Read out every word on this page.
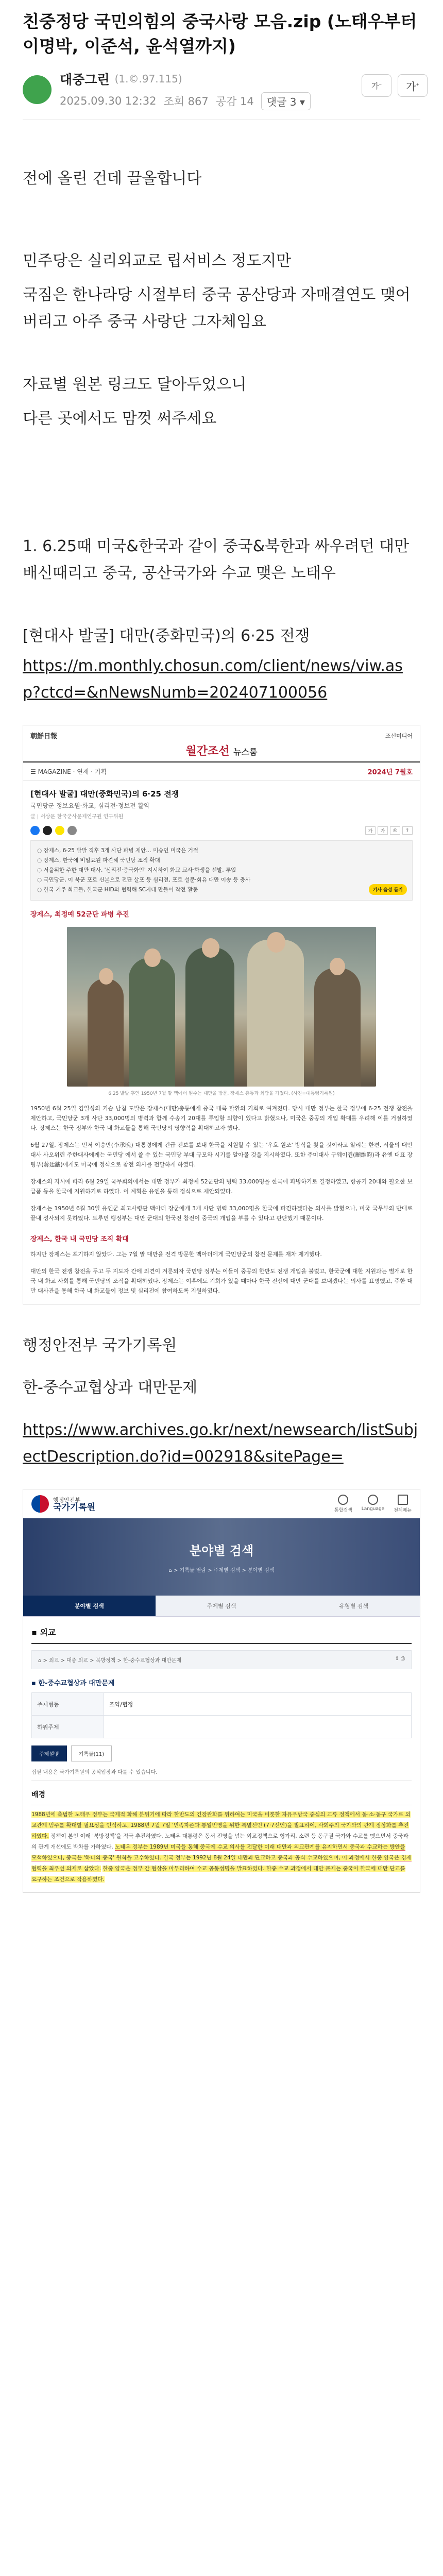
친중정당 국민의힘의 중국사랑 모음.zip (노태우부터 이명박, 이준석, 윤석열까지)
대중그린 (1.©.97.115)
2025.09.30 12:32 조회 867 공감 14	댓글 3 ▾
가 ⁻ 가 ⁺

전에 올린 건데 끌올합니다

민주당은 실리외교로 립서비스 정도지만

국짐은 한나라당 시절부터 중국 공산당과 자매결연도 맺어버리고 아주 중국 사랑단 그자체임요

자료별 원본 링크도 달아두었으니

다른 곳에서도 맘껏 써주세요

1. 6.25때 미국&한국과 같이 중국&북한과 싸우려던 대만 배신때리고 중국, 공산국가와 수교 맺은 노태우

[현대사 발굴] 대만(중화민국)의 6·25 전쟁

https://m.monthly.chosun.com/client/news/viw.asp?ctcd=&nNewsNumb=202407100056

朝鮮日報	조선미디어
월간조선 뉴스룸
☰ MAGAZINE · 연재 · 기획	2024년 7월호
[현대사 발굴] 대만(중화민국)의 6·25 전쟁
국민당군 정보요원·화교, 심리전·정보전 활약
글 | 서상문 한국군사문제연구원 연구위원
가	가	⎙	⇪
○ 장제스, 6·25 발발 직후 3개 사단 파병 제안… 미승인 미국은 거절
○ 장제스, 한국에 비밀요원 파견해 국민당 조직 확대
○ 서울위한 주한 대만 대사, '심리전·중국화인' 지시하여 화교 교사·학생을 선발, 투입
○ 국민당군, 이 북군 포로 신분으로 전단 살포 등 심리전, 포로 설문·회유 대만 이송 등 충사
○ 한국 거주 화교들, 한국군 HID와 협력해 SC지대 만들어 작전 활동	기사 음성 듣기
장제스, 최정예 52군단 파병 추진
6.25 발발 후인 1950년 7월 말 맥아더 원수는 대만을 방문, 장제스 총통과 회담을 가졌다. (사진=대통령기록원)
1950년 6월 25일 김일성의 기습 남침 도발은 장제스(대만)총통에게 중국 대륙 탈환의 기회로 여겨졌다. 당시 대만 정부는 한국 정부에 6·25 전쟁 참전을 제안하고, 국민당군 3개 사단 33,000명의 병력과 함께 수송기 20대를 투입할 의향이 있다고 밝혔으나, 미국은 중공의 개입 확대를 우려해 이를 거절하였다. 장제스는 한국 정부와 한국 내 화교들을 통해 국민당의 영향력을 확대하고자 했다.
6월 27일, 장제스는 먼저 이승만(李承晩) 대통령에게 긴급 전보를 보내 한국을 지원할 수 있는 '우호 원조' 방식을 찾을 것이라고 알리는 한편, 서울의 대만 대사 사오위린 주한대사에게는 국민당 에서 쓸 수 있는 국민당 부대 규모와 시기를 알아볼 것을 지시하였다. 또한 주미대사 구웨이쥔(顧維鈞)과 유엔 대표 장팅푸(蔣廷黻)에게도 미국에 정식으로 참전 의사를 전달하게 하였다.
장제스의 지시에 따라 6월 29일 국무회의에서는 대만 정부가 최정예 52군단의 병력 33,000명을 한국에 파병하기로 결정하였고, 항공기 20대와 필요한 보급품 등을 한국에 지원하기로 하였다. 이 계획은 유엔을 통해 정식으로 제안되었다.
장제스는 1950년 6월 30일 유엔군 최고사령관 맥아더 장군에게 3개 사단 병력 33,000명을 한국에 파견하겠다는 의사를 밝혔으나, 미국 국무부의 반대로 끝내 성사되지 못하였다. 트루먼 행정부는 대만 군대의 한국전 참전이 중국의 개입을 부를 수 있다고 판단했기 때문이다.
장제스, 한국 내 국민당 조직 확대
하지만 장제스는 포기하지 않았다. 그는 7월 말 대만을 전격 방문한 맥아더에게 국민당군의 참전 문제를 재차 제기했다.
대만의 한국 전쟁 참전을 두고 두 지도자 간에 의견이 겨룬되자 국민당 정부는 이들이 중공의 한반도 전쟁 개입을 불렀고, 한국군에 대한 지원과는 별개로 한국 내 화교 사회를 통해 국민당의 조직을 확대하였다. 장제스는 이후에도 기회가 있을 때마다 한국 전선에 대만 군대를 보내겠다는 의사를 표명했고, 주한 대만 대사관을 통해 한국 내 화교들이 정보 및 심리전에 참여하도록 지원하였다.

행정안전부 국가기록원

한-중수교협상과 대만문제

https://www.archives.go.kr/next/newsearch/listSubjectDescription.do?id=002918&sitePage=

행정안전부
국가기록원	통합검색 Language 전체메뉴
분야별 검색
⌂ > 기록물 열람 > 주제별 검색 > 분야별 검색
분야별 검색	주제별 검색	유형별 검색
▪ 외교
⌂ > 외교 > 대중 외교 > 북방정책 > 한-중수교협상과 대만문제	⇪ ⎙
▪ 한-중수교협상과 대만문제
주제형동	조약/협정
하위주제	
주제설명	기록물(11)
집필 내용은 국가기록원의 공식입장과 다를 수 있습니다.
배경
1988년에 출범한 노태우 정부는 국제적 화해 분위기에 따라 한반도의 긴장완화를 위하여는 미국을 비롯한 자유우방국 중심의 교류 정책에서 동·소·동구 국가로 외교관계 범주를 확대할 필요성을 인식하고, 1988년 7월 7일 '민족자존과 통일번영을 위한 특별선언'(7·7선언)을 발표하여, 사회주의 국가와의 관계 정상화를 추진하였다. 정책이 본인 이래 '북방정책'을 적극 추진하였다. 노태우 대통령은 동서 진영을 넘는 외교정책으로 헝가리, 소련 등 동구권 국가와 수교를 맺으면서 중국과의 관계 개선에도 박차를 가하였다. 노태우 정부는 1989년 미국을 통해 중국에 수교 의사를 전달한 이래 대만과 외교관계를 유지하면서 중국과 수교하는 방안을 모색하였으나, 중국은 '하나의 중국' 원칙을 고수하였다. 결국 정부는 1992년 8월 24일 대만과 단교하고 중국과 공식 수교하였으며, 이 과정에서 한중 양국은 경제협력을 최우선 의제로 삼았다. 한중 양국은 정부 간 협상을 마무리하여 수교 공동성명을 발표하였다. 한중 수교 과정에서 대만 문제는 중국이 한국에 대만 단교를 요구하는 조건으로 작용하였다.
